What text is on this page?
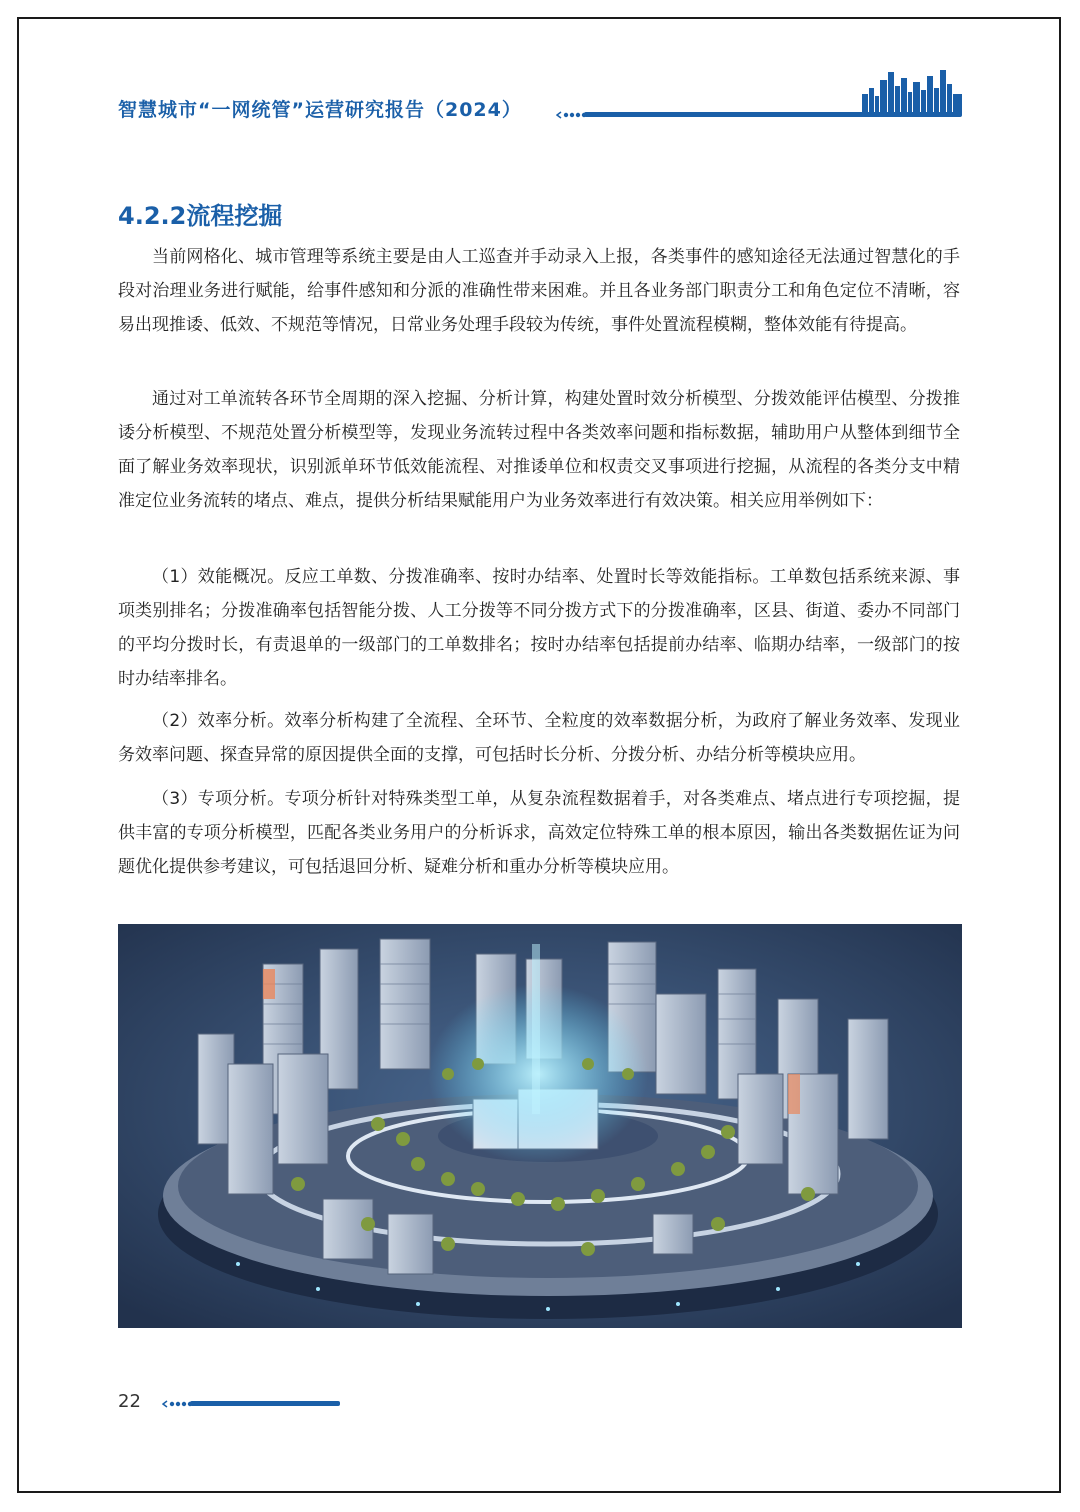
智慧城市“一网统管”运营研究报告（2024）
4.2.2流程挖掘

当前网格化、城市管理等系统主要是由人工巡查并手动录入上报，各类事件的感知途径无法通过智慧化的手段对治理业务进行赋能，给事件感知和分派的准确性带来困难。并且各业务部门职责分工和角色定位不清晰，容易出现推诿、低效、不规范等情况，日常业务处理手段较为传统，事件处置流程模糊，整体效能有待提高。

通过对工单流转各环节全周期的深入挖掘、分析计算，构建处置时效分析模型、分拨效能评估模型、分拨推诿分析模型、不规范处置分析模型等，发现业务流转过程中各类效率问题和指标数据，辅助用户从整体到细节全面了解业务效率现状，识别派单环节低效能流程、对推诿单位和权责交叉事项进行挖掘，从流程的各类分支中精准定位业务流转的堵点、难点，提供分析结果赋能用户为业务效率进行有效决策。相关应用举例如下：

（1）效能概况。反应工单数、分拨准确率、按时办结率、处置时长等效能指标。工单数包括系统来源、事项类别排名；分拨准确率包括智能分拨、人工分拨等不同分拨方式下的分拨准确率，区县、街道、委办不同部门的平均分拨时长，有责退单的一级部门的工单数排名；按时办结率包括提前办结率、临期办结率，一级部门的按时办结率排名。

（2）效率分析。效率分析构建了全流程、全环节、全粒度的效率数据分析，为政府了解业务效率、发现业务效率问题、探查异常的原因提供全面的支撑，可包括时长分析、分拨分析、办结分析等模块应用。

（3）专项分析。专项分析针对特殊类型工单，从复杂流程数据着手，对各类难点、堵点进行专项挖掘，提供丰富的专项分析模型，匹配各类业务用户的分析诉求，高效定位特殊工单的根本原因，输出各类数据佐证为问题优化提供参考建议，可包括退回分析、疑难分析和重办分析等模块应用。

22
